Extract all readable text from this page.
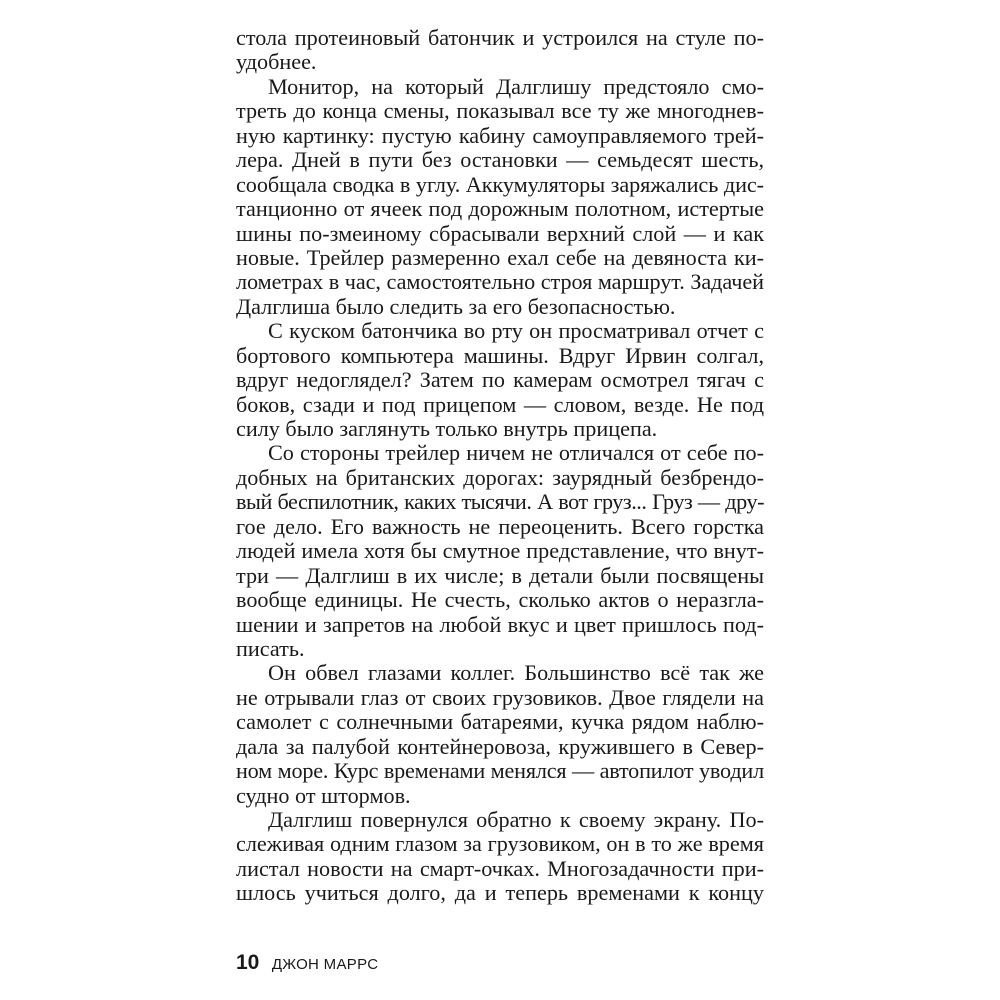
стола протеиновый батончик и устроился на стуле по-
удобнее.
Монитор, на который Далглишу предстояло смо-
треть до конца смены, показывал все ту же многоднев-
ную картинку: пустую кабину самоуправляемого трей-
лера. Дней в пути без остановки — семьдесят шесть,
сообщала сводка в углу. Аккумуляторы заряжались дис-
танционно от ячеек под дорожным полотном, истертые
шины по-змеиному сбрасывали верхний слой — и как
новые. Трейлер размеренно ехал себе на девяноста ки-
лометрах в час, самостоятельно строя маршрут. Задачей
Далглиша было следить за его безопасностью.
С куском батончика во рту он просматривал отчет с
бортового компьютера машины. Вдруг Ирвин солгал,
вдруг недоглядел? Затем по камерам осмотрел тягач с
боков, сзади и под прицепом — словом, везде. Не под
силу было заглянуть только внутрь прицепа.
Со стороны трейлер ничем не отличался от себе по-
добных на британских дорогах: заурядный безбрендо-
вый беспилотник, каких тысячи. А вот груз... Груз — дру-
гое дело. Его важность не переоценить. Всего горстка
людей имела хотя бы смутное представление, что внут-
три — Далглиш в их числе; в детали были посвящены
вообще единицы. Не счесть, сколько актов о неразгла-
шении и запретов на любой вкус и цвет пришлось под-
писать.
Он обвел глазами коллег. Большинство всё так же
не отрывали глаз от своих грузовиков. Двое глядели на
самолет с солнечными батареями, кучка рядом наблю-
дала за палубой контейнеровоза, кружившего в Север-
ном море. Курс временами менялся — автопилот уводил
судно от штормов.
Далглиш повернулся обратно к своему экрану. По-
слеживая одним глазом за грузовиком, он в то же время
листал новости на смарт-очках. Многозадачности при-
шлось учиться долго, да и теперь временами к концу
10 ДЖОН МАРРС
